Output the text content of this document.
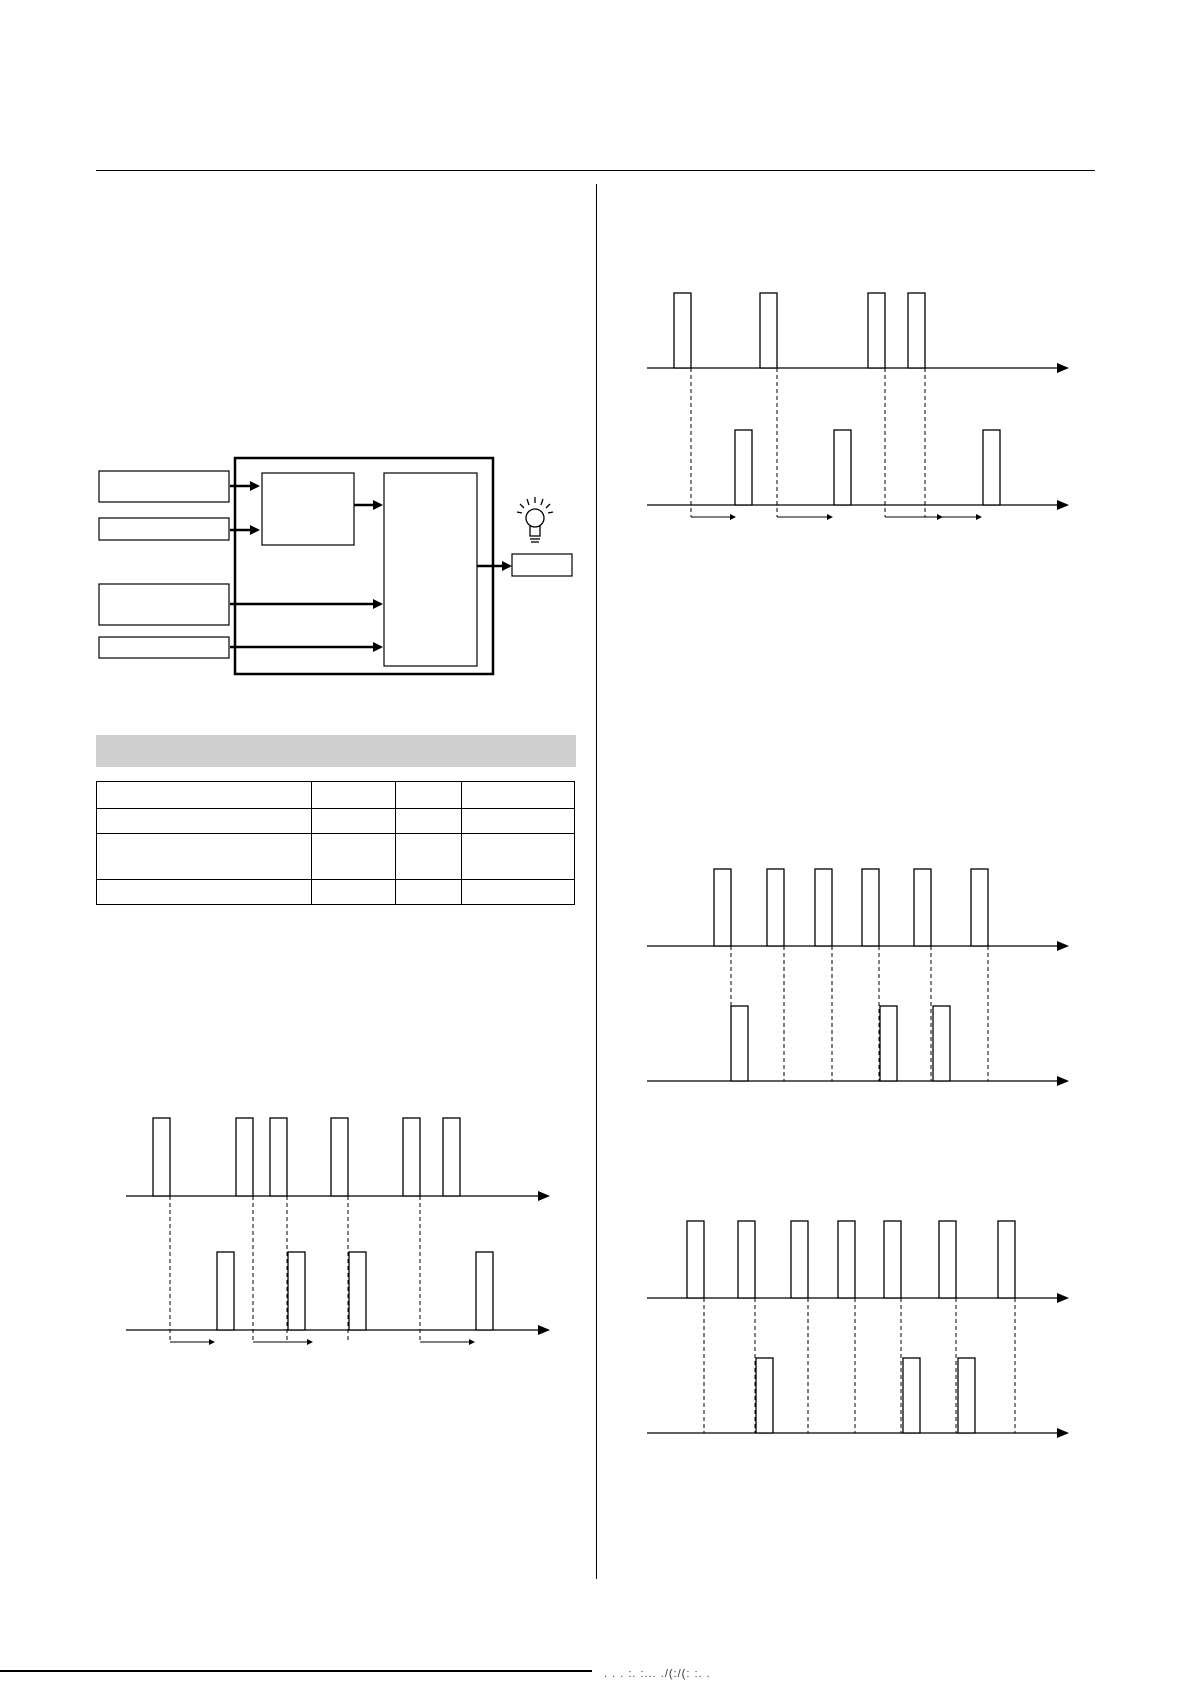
. . . :. :... ./(:/(: :. .
